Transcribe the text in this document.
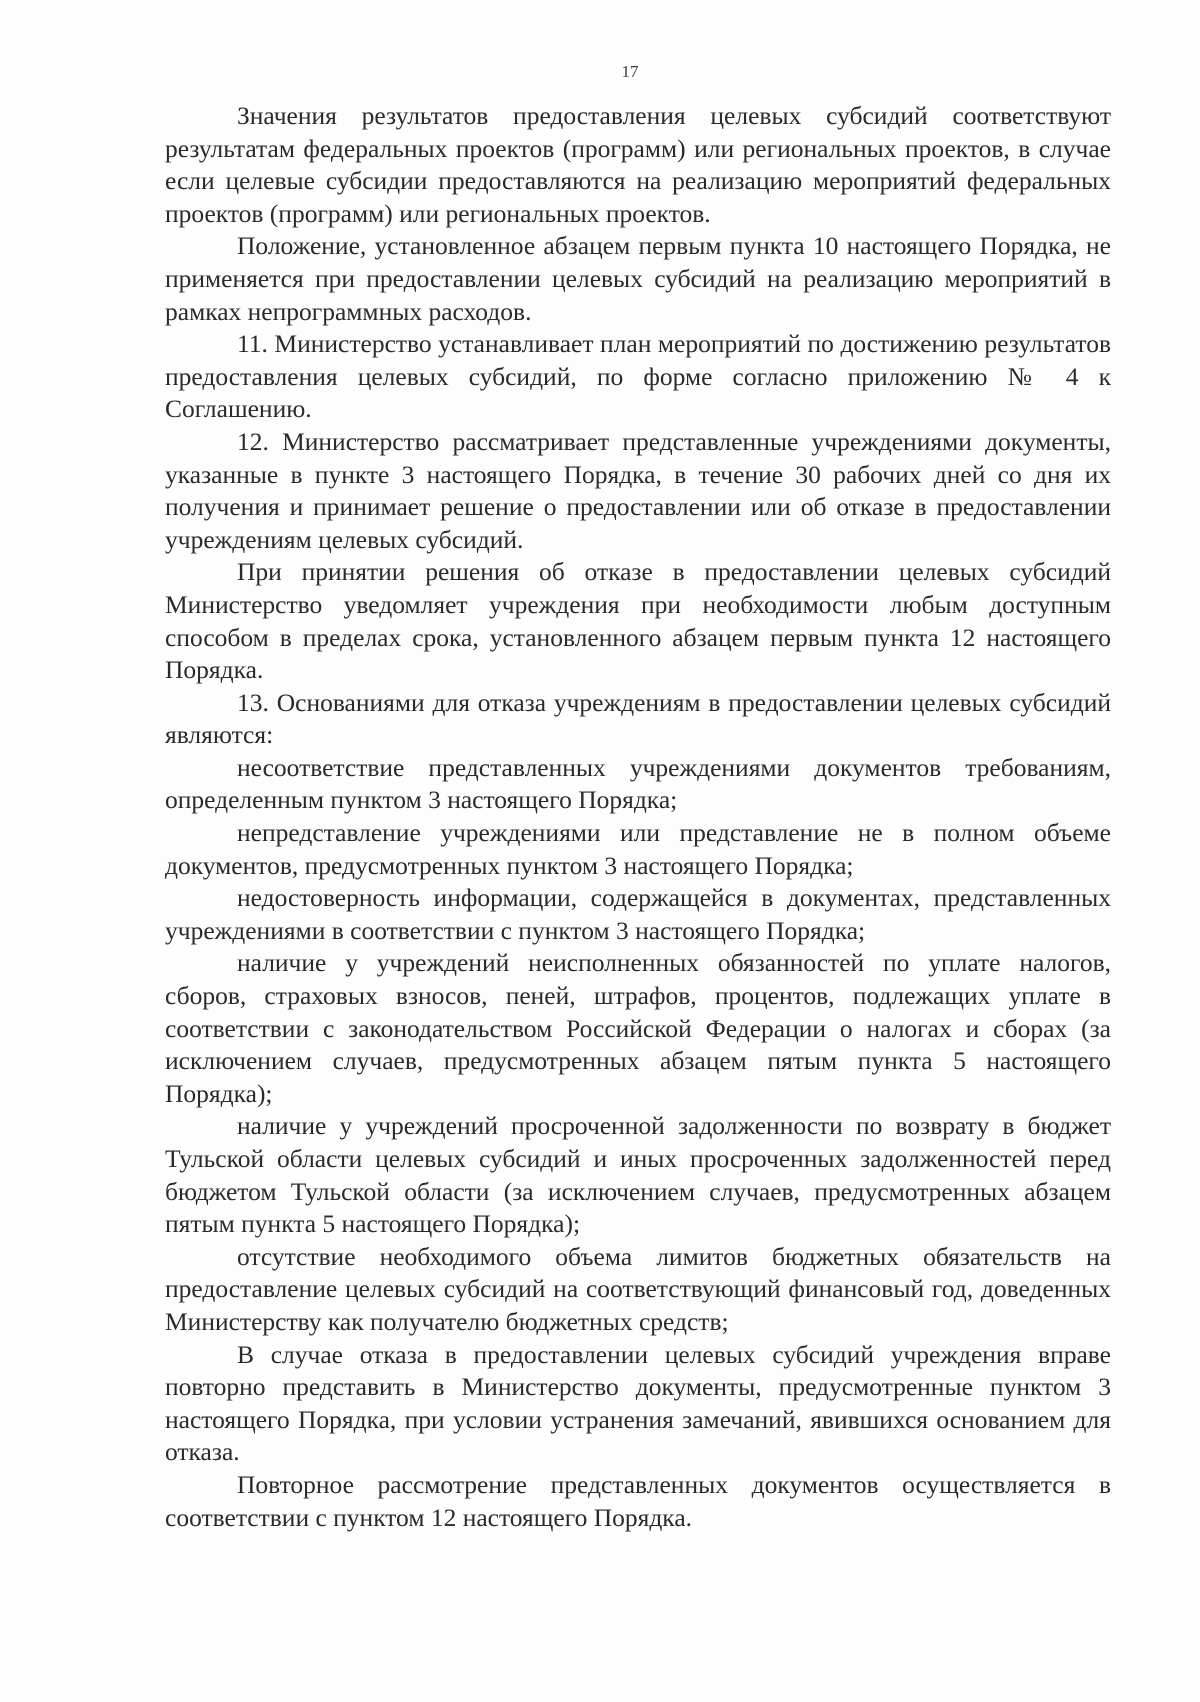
17

Значения результатов предоставления целевых субсидий соответствуют результатам федеральных проектов (программ) или региональных проектов, в случае если целевые субсидии предоставляются на реализацию мероприятий федеральных проектов (программ) или региональных проектов.

Положение, установленное абзацем первым пункта 10 настоящего Порядка, не применяется при предоставлении целевых субсидий на реализацию мероприятий в рамках непрограммных расходов.

11. Министерство устанавливает план мероприятий по достижению результатов предоставления целевых субсидий, по форме согласно приложению № 4 к Соглашению.

12. Министерство рассматривает представленные учреждениями документы, указанные в пункте 3 настоящего Порядка, в течение 30 рабочих дней со дня их получения и принимает решение о предоставлении или об отказе в предоставлении учреждениям целевых субсидий.

При принятии решения об отказе в предоставлении целевых субсидий Министерство уведомляет учреждения при необходимости любым доступным способом в пределах срока, установленного абзацем первым пункта 12 настоящего Порядка.

13. Основаниями для отказа учреждениям в предоставлении целевых субсидий являются:

несоответствие представленных учреждениями документов требованиям, определенным пунктом 3 настоящего Порядка;

непредставление учреждениями или представление не в полном объеме документов, предусмотренных пунктом 3 настоящего Порядка;

недостоверность информации, содержащейся в документах, представленных учреждениями в соответствии с пунктом 3 настоящего Порядка;

наличие у учреждений неисполненных обязанностей по уплате налогов, сборов, страховых взносов, пеней, штрафов, процентов, подлежащих уплате в соответствии с законодательством Российской Федерации о налогах и сборах (за исключением случаев, предусмотренных абзацем пятым пункта 5 настоящего Порядка);

наличие у учреждений просроченной задолженности по возврату в бюджет Тульской области целевых субсидий и иных просроченных задолженностей перед бюджетом Тульской области (за исключением случаев, предусмотренных абзацем пятым пункта 5 настоящего Порядка);

отсутствие необходимого объема лимитов бюджетных обязательств на предоставление целевых субсидий на соответствующий финансовый год, доведенных Министерству как получателю бюджетных средств;

В случае отказа в предоставлении целевых субсидий учреждения вправе повторно представить в Министерство документы, предусмотренные пунктом 3 настоящего Порядка, при условии устранения замечаний, явившихся основанием для отказа.

Повторное рассмотрение представленных документов осуществляется в соответствии с пунктом 12 настоящего Порядка.
